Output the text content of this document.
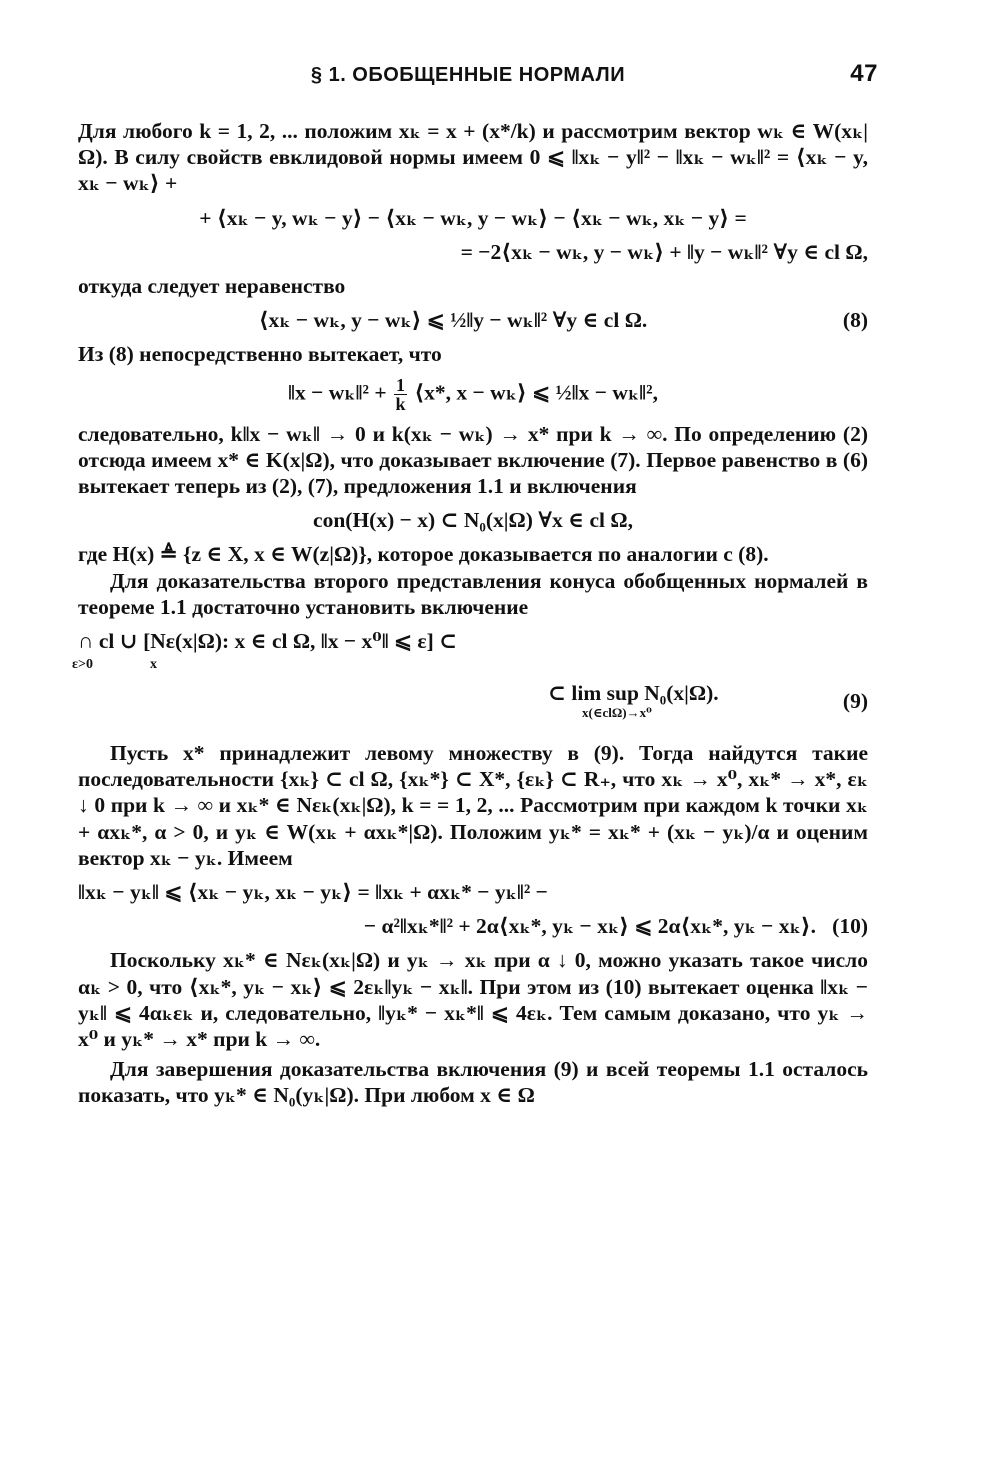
§ 1. ОБОБЩЕННЫЕ НОРМАЛИ	47

Для любого k = 1, 2, ... положим xₖ = x + (x*/k) и рассмотрим вектор wₖ ∈ W(xₖ|Ω). В силу свойств евклидовой нормы имеем 0 ⩽ ‖xₖ − y‖² − ‖xₖ − wₖ‖² = ⟨xₖ − y, xₖ − wₖ⟩ +

+ ⟨xₖ − y, wₖ − y⟩ − ⟨xₖ − wₖ, y − wₖ⟩ − ⟨xₖ − wₖ, xₖ − y⟩ =
= −2⟨xₖ − wₖ, y − wₖ⟩ + ‖y − wₖ‖² ∀y ∈ cl Ω,

откуда следует неравенство

⟨xₖ − wₖ, y − wₖ⟩ ⩽ ½‖y − wₖ‖² ∀y ∈ cl Ω.	(8)

Из (8) непосредственно вытекает, что

‖x − wₖ‖² + $\frac{1}{k}$ ⟨x*, x − wₖ⟩ ⩽ ½‖x − wₖ‖²,

следовательно, k‖x − wₖ‖ → 0 и k(xₖ − wₖ) → x* при k → ∞. По определению (2) отсюда имеем x* ∈ K(x|Ω), что доказывает включение (7). Первое равенство в (6) вытекает теперь из (2), (7), предложения 1.1 и включения

con(H(x) − x) ⊂ N₀(x|Ω) ∀x ∈ cl Ω,

где H(x) ≜ {z ∈ X, x ∈ W(z|Ω)}, которое доказывается по аналогии с (8).

Для доказательства второго представления конуса обобщенных нормалей в теореме 1.1 достаточно установить включение

∩
ε>0
cl ∪ [Nε(x|Ω): x ∈ cl Ω, ‖x − x⁰‖ ⩽ ε] ⊂
x
⊂ lim sup N₀(x|Ω).
x(∈clΩ)→x⁰	(9)

Пусть x* принадлежит левому множеству в (9). Тогда найдутся такие последовательности {xₖ} ⊂ cl Ω, {xₖ*} ⊂ X*, {εₖ} ⊂ R₊, что xₖ → x⁰, xₖ* → x*, εₖ ↓ 0 при k → ∞ и xₖ* ∈ Nεₖ(xₖ|Ω), k = = 1, 2, ... Рассмотрим при каждом k точки xₖ + αxₖ*, α > 0, и yₖ ∈ W(xₖ + αxₖ*|Ω). Положим yₖ* = xₖ* + (xₖ − yₖ)/α и оценим вектор xₖ − yₖ. Имеем

‖xₖ − yₖ‖ ⩽ ⟨xₖ − yₖ, xₖ − yₖ⟩ = ‖xₖ + αxₖ* − yₖ‖² −
− α²‖xₖ*‖² + 2α⟨xₖ*, yₖ − xₖ⟩ ⩽ 2α⟨xₖ*, yₖ − xₖ⟩. (10)

Поскольку xₖ* ∈ Nεₖ(xₖ|Ω) и yₖ → xₖ при α ↓ 0, можно указать такое число αₖ > 0, что ⟨xₖ*, yₖ − xₖ⟩ ⩽ 2εₖ‖yₖ − xₖ‖. При этом из (10) вытекает оценка ‖xₖ − yₖ‖ ⩽ 4αₖεₖ и, следовательно, ‖yₖ* − xₖ*‖ ⩽ 4εₖ. Тем самым доказано, что yₖ → x⁰ и yₖ* → x* при k → ∞.

Для завершения доказательства включения (9) и всей теоремы 1.1 осталось показать, что yₖ* ∈ N₀(yₖ|Ω). При любом x ∈ Ω
